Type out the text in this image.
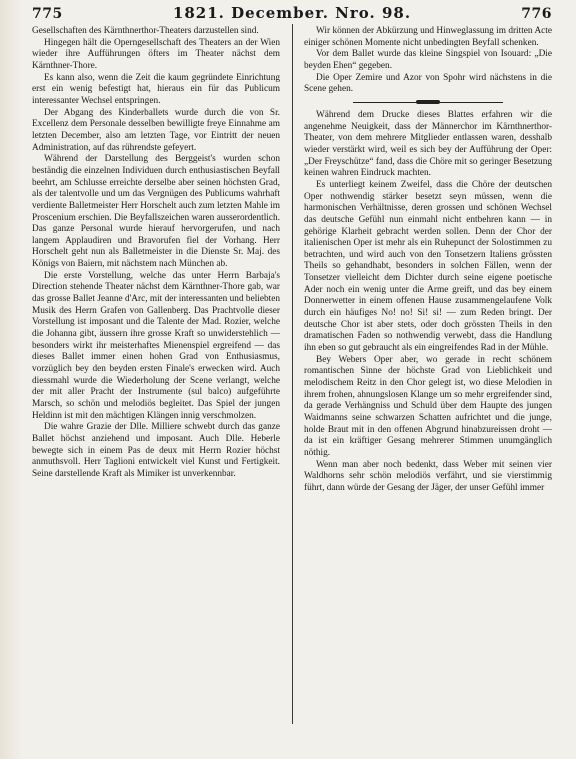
775	1821. December. Nro. 98.	776

Gesellschaften des Kärnthnerthor-Theaters darzustellen sind.

Hingegen hält die Operngesellschaft des Theaters an der Wien wieder ihre Aufführungen öfters im Theater nächst dem Kärnthner-Thore.

Es kann also, wenn die Zeit die kaum gegründete Einrichtung erst ein wenig befestigt hat, hieraus ein für das Publicum interessanter Wechsel entspringen.

Der Abgang des Kinderballets wurde durch die von Sr. Excellenz dem Personale desselben bewilligte freye Einnahme am letzten December, also am letzten Tage, vor Eintritt der neuen Administration, auf das rührendste gefeyert.

Während der Darstellung des Berggeist's wurden schon beständig die einzelnen Individuen durch enthusiastischen Beyfall beehrt, am Schlusse erreichte derselbe aber seinen höchsten Grad, als der talentvolle und um das Vergnügen des Publicums wahrhaft verdiente Balletmeister Herr Horschelt auch zum letzten Mahle im Proscenium erschien. Die Beyfallszeichen waren ausserordentlich. Das ganze Personal wurde hierauf hervorgerufen, und nach langem Applaudiren und Bravorufen fiel der Vorhang. Herr Horschelt geht nun als Balletmeister in die Dienste Sr. Maj. des Königs von Baiern, mit nächstem nach München ab.

Die erste Vorstellung, welche das unter Herrn Barbaja's Direction stehende Theater nächst dem Kärnthner-Thore gab, war das grosse Ballet Jeanne d'Arc, mit der interessanten und beliebten Musik des Herrn Grafen von Gallenberg. Das Prachtvolle dieser Vorstellung ist imposant und die Talente der Mad. Rozier, welche die Johanna gibt, äussern ihre grosse Kraft so unwiderstehlich — besonders wirkt ihr meisterhaftes Mienenspiel ergreifend — das dieses Ballet immer einen hohen Grad von Enthusiasmus, vorzüglich bey den beyden ersten Finale's erwecken wird. Auch diessmahl wurde die Wiederholung der Scene verlangt, welche der mit aller Pracht der Instrumente (sul balco) aufgeführte Marsch, so schön und melodiös begleitet. Das Spiel der jungen Heldinn ist mit den mächtigen Klängen innig verschmolzen.

Die wahre Grazie der Dlle. Milliere schwebt durch das ganze Ballet höchst anziehend und imposant. Auch Dlle. Heberle bewegte sich in einem Pas de deux mit Herrn Rozier höchst anmuthsvoll. Herr Taglioni entwickelt viel Kunst und Fertigkeit. Seine darstellende Kraft als Mimiker ist unverkennbar.

Wir können der Abkürzung und Hinweglassung im dritten Acte einiger schönen Momente nicht unbedingten Beyfall schenken.

Vor dem Ballet wurde das kleine Singspiel von Isouard: „Die beyden Ehen“ gegeben.

Die Oper Zemire und Azor von Spohr wird nächstens in die Scene gehen.

Während dem Drucke dieses Blattes erfahren wir die angenehme Neuigkeit, dass der Männerchor im Kärnthnerthor-Theater, von dem mehrere Mitglieder entlassen waren, desshalb wieder verstärkt wird, weil es sich bey der Aufführung der Oper: „Der Freyschütze“ fand, dass die Chöre mit so geringer Besetzung keinen wahren Eindruck machten.

Es unterliegt keinem Zweifel, dass die Chöre der deutschen Oper nothwendig stärker besetzt seyn müssen, wenn die harmonischen Verhältnisse, deren grossen und schönen Wechsel das deutsche Gefühl nun einmahl nicht entbehren kann — in gehörige Klarheit gebracht werden sollen. Denn der Chor der italienischen Oper ist mehr als ein Ruhepunct der Solostimmen zu betrachten, und wird auch von den Tonsetzern Italiens grössten Theils so gehandhabt, besonders in solchen Fällen, wenn der Tonsetzer vielleicht dem Dichter durch seine eigene poetische Ader noch ein wenig unter die Arme greift, und das bey einem Donnerwetter in einem offenen Hause zusammengelaufene Volk durch ein häufiges No! no! Si! si! — zum Reden bringt. Der deutsche Chor ist aber stets, oder doch grössten Theils in den dramatischen Faden so nothwendig verwebt, dass die Handlung ihn eben so gut gebraucht als ein eingreifendes Rad in der Mühle.

Bey Webers Oper aber, wo gerade in recht schönem romantischen Sinne der höchste Grad von Lieblichkeit und melodischem Reitz in den Chor gelegt ist, wo diese Melodien in ihrem frohen, ahnungslosen Klange um so mehr ergreifender sind, da gerade Verhängniss und Schuld über dem Haupte des jungen Waidmanns seine schwarzen Schatten aufrichtet und die junge, holde Braut mit in den offenen Abgrund hinabzureissen droht — da ist ein kräftiger Gesang mehrerer Stimmen unumgänglich nöthig.

Wenn man aber noch bedenkt, dass Weber mit seinen vier Waldhorns sehr schön melodiös verfährt, und sie vierstimmig führt, dann würde der Gesang der Jäger, der unser Gefühl immer
